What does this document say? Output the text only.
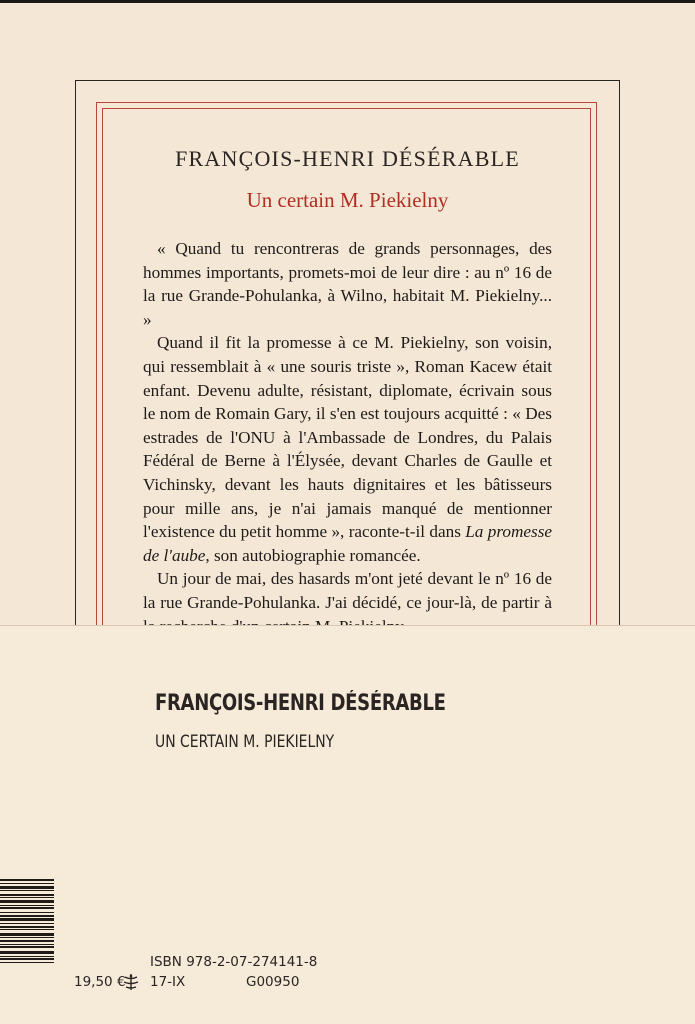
FRANÇOIS-HENRI DÉSÉRABLE
Un certain M. Piekielny

« Quand tu rencontreras de grands personnages, des hommes importants, promets-moi de leur dire : au nº 16 de la rue Grande-Pohulanka, à Wilno, habitait M. Piekielny... »

Quand il fit la promesse à ce M. Piekielny, son voisin, qui ressemblait à « une souris triste », Roman Kacew était enfant. Devenu adulte, résistant, diplomate, écrivain sous le nom de Romain Gary, il s'en est toujours acquitté : « Des estrades de l'ONU à l'Ambassade de Londres, du Palais Fédéral de Berne à l'Élysée, devant Charles de Gaulle et Vichinsky, devant les hauts dignitaires et les bâtisseurs pour mille ans, je n'ai jamais manqué de mentionner l'existence du petit homme », raconte-t-il dans La promesse de l'aube, son autobiographie romancée.

Un jour de mai, des hasards m'ont jeté devant le nº 16 de la rue Grande-Pohulanka. J'ai décidé, ce jour-là, de partir à

FRANÇOIS-HENRI DÉSÉRABLE
UN CERTAIN M. PIEKIELNY
ISBN 978-2-07-274141-8
19,50 € 17-IX	G00950
